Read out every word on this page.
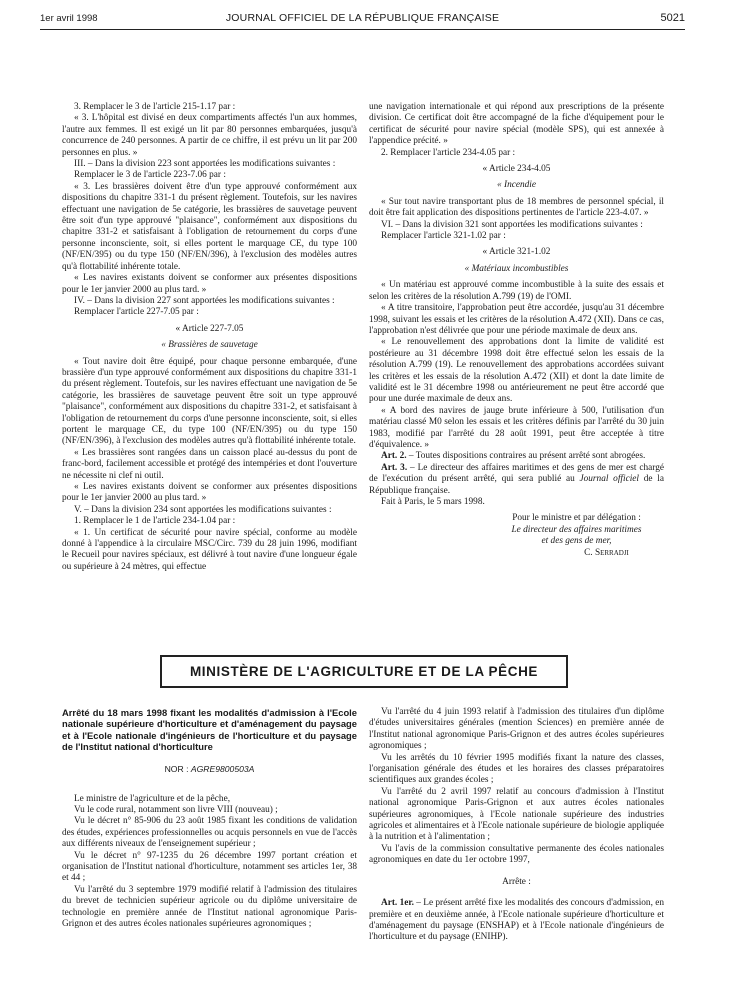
1er avril 1998	JOURNAL OFFICIEL DE LA RÉPUBLIQUE FRANÇAISE	5021

3. Remplacer le 3 de l'article 215-1.17 par :

« 3. L'hôpital est divisé en deux compartiments affectés l'un aux hommes, l'autre aux femmes. Il est exigé un lit par 80 personnes embarquées, jusqu'à concurrence de 240 personnes. A partir de ce chiffre, il est prévu un lit par 200 personnes en plus. »

III. – Dans la division 223 sont apportées les modifications suivantes :

Remplacer le 3 de l'article 223-7.06 par :

« 3. Les brassières doivent être d'un type approuvé conformément aux dispositions du chapitre 331-1 du présent règlement. Toutefois, sur les navires effectuant une navigation de 5e catégorie, les brassières de sauvetage peuvent être soit d'un type approuvé "plaisance", conformément aux dispositions du chapitre 331-2 et satisfaisant à l'obligation de retournement du corps d'une personne inconsciente, soit, si elles portent le marquage CE, du type 100 (NF/EN/395) ou du type 150 (NF/EN/396), à l'exclusion des modèles autres qu'à flottabilité inhérente totale.

« Les navires existants doivent se conformer aux présentes dispositions pour le 1er janvier 2000 au plus tard. »

IV. – Dans la division 227 sont apportées les modifications suivantes :

Remplacer l'article 227-7.05 par :

« Article 227-7.05

« Brassières de sauvetage

« Tout navire doit être équipé, pour chaque personne embarquée, d'une brassière d'un type approuvé conformément aux dispositions du chapitre 331-1 du présent règlement. Toutefois, sur les navires effectuant une navigation de 5e catégorie, les brassières de sauvetage peuvent être soit un type approuvé "plaisance", conformément aux dispositions du chapitre 331-2, et satisfaisant à l'obligation de retournement du corps d'une personne inconsciente, soit, si elles portent le marquage CE, du type 100 (NF/EN/395) ou du type 150 (NF/EN/396), à l'exclusion des modèles autres qu'à flottabilité inhérente totale.

« Les brassières sont rangées dans un caisson placé au-dessus du pont de franc-bord, facilement accessible et protégé des intempéries et dont l'ouverture ne nécessite ni clef ni outil.

« Les navires existants doivent se conformer aux présentes dispositions pour le 1er janvier 2000 au plus tard. »

V. – Dans la division 234 sont apportées les modifications suivantes :

1. Remplacer le 1 de l'article 234-1.04 par :

« 1. Un certificat de sécurité pour navire spécial, conforme au modèle donné à l'appendice à la circulaire MSC/Circ. 739 du 28 juin 1996, modifiant le Recueil pour navires spéciaux, est délivré à tout navire d'une longueur égale ou supérieure à 24 mètres, qui effectue

une navigation internationale et qui répond aux prescriptions de la présente division. Ce certificat doit être accompagné de la fiche d'équipement pour le certificat de sécurité pour navire spécial (modèle SPS), qui est annexée à l'appendice précité. »

2. Remplacer l'article 234-4.05 par :

« Article 234-4.05

« Incendie

« Sur tout navire transportant plus de 18 membres de personnel spécial, il doit être fait application des dispositions pertinentes de l'article 223-4.07. »

VI. – Dans la division 321 sont apportées les modifications suivantes :

Remplacer l'article 321-1.02 par :

« Article 321-1.02

« Matériaux incombustibles

« Un matériau est approuvé comme incombustible à la suite des essais et selon les critères de la résolution A.799 (19) de l'OMI.

« A titre transitoire, l'approbation peut être accordée, jusqu'au 31 décembre 1998, suivant les essais et les critères de la résolution A.472 (XII). Dans ce cas, l'approbation n'est délivrée que pour une période maximale de deux ans.

« Le renouvellement des approbations dont la limite de validité est postérieure au 31 décembre 1998 doit être effectué selon les essais de la résolution A.799 (19). Le renouvellement des approbations accordées suivant les critères et les essais de la résolution A.472 (XII) et dont la date limite de validité est le 31 décembre 1998 ou antérieurement ne peut être accordé que pour une durée maximale de deux ans.

« A bord des navires de jauge brute inférieure à 500, l'utilisation d'un matériau classé M0 selon les essais et les critères définis par l'arrêté du 30 juin 1983, modifié par l'arrêté du 28 août 1991, peut être acceptée à titre d'équivalence. »

Art. 2. – Toutes dispositions contraires au présent arrêté sont abrogées.

Art. 3. – Le directeur des affaires maritimes et des gens de mer est chargé de l'exécution du présent arrêté, qui sera publié au Journal officiel de la République française.

Fait à Paris, le 5 mars 1998.

Pour le ministre et par délégation :
Le directeur des affaires maritimes
et des gens de mer,
C. Serradji
MINISTÈRE DE L'AGRICULTURE ET DE LA PÊCHE

Arrêté du 18 mars 1998 fixant les modalités d'admission à l'Ecole nationale supérieure d'horticulture et d'aménagement du paysage et à l'Ecole nationale d'ingénieurs de l'horticulture et du paysage de l'Institut national d'horticulture

NOR : AGRE9800503A

Le ministre de l'agriculture et de la pêche,

Vu le code rural, notamment son livre VIII (nouveau) ;

Vu le décret n° 85-906 du 23 août 1985 fixant les conditions de validation des études, expériences professionnelles ou acquis personnels en vue de l'accès aux différents niveaux de l'enseignement supérieur ;

Vu le décret n° 97-1235 du 26 décembre 1997 portant création et organisation de l'Institut national d'horticulture, notamment ses articles 1er, 38 et 44 ;

Vu l'arrêté du 3 septembre 1979 modifié relatif à l'admission des titulaires du brevet de technicien supérieur agricole ou du diplôme universitaire de technologie en première année de l'Institut national agronomique Paris-Grignon et des autres écoles nationales supérieures agronomiques ;

Vu l'arrêté du 4 juin 1993 relatif à l'admission des titulaires d'un diplôme d'études universitaires générales (mention Sciences) en première année de l'Institut national agronomique Paris-Grignon et des autres écoles supérieures agronomiques ;

Vu les arrêtés du 10 février 1995 modifiés fixant la nature des classes, l'organisation générale des études et les horaires des classes préparatoires scientifiques aux grandes écoles ;

Vu l'arrêté du 2 avril 1997 relatif au concours d'admission à l'Institut national agronomique Paris-Grignon et aux autres écoles nationales supérieures agronomiques, à l'Ecole nationale supérieure des industries agricoles et alimentaires et à l'Ecole nationale supérieure de biologie appliquée à la nutrition et à l'alimentation ;

Vu l'avis de la commission consultative permanente des écoles nationales agronomiques en date du 1er octobre 1997,

Arrête :

Art. 1er. – Le présent arrêté fixe les modalités des concours d'admission, en première et en deuxième année, à l'Ecole nationale supérieure d'horticulture et d'aménagement du paysage (ENSHAP) et à l'Ecole nationale d'ingénieurs de l'horticulture et du paysage (ENIHP).
